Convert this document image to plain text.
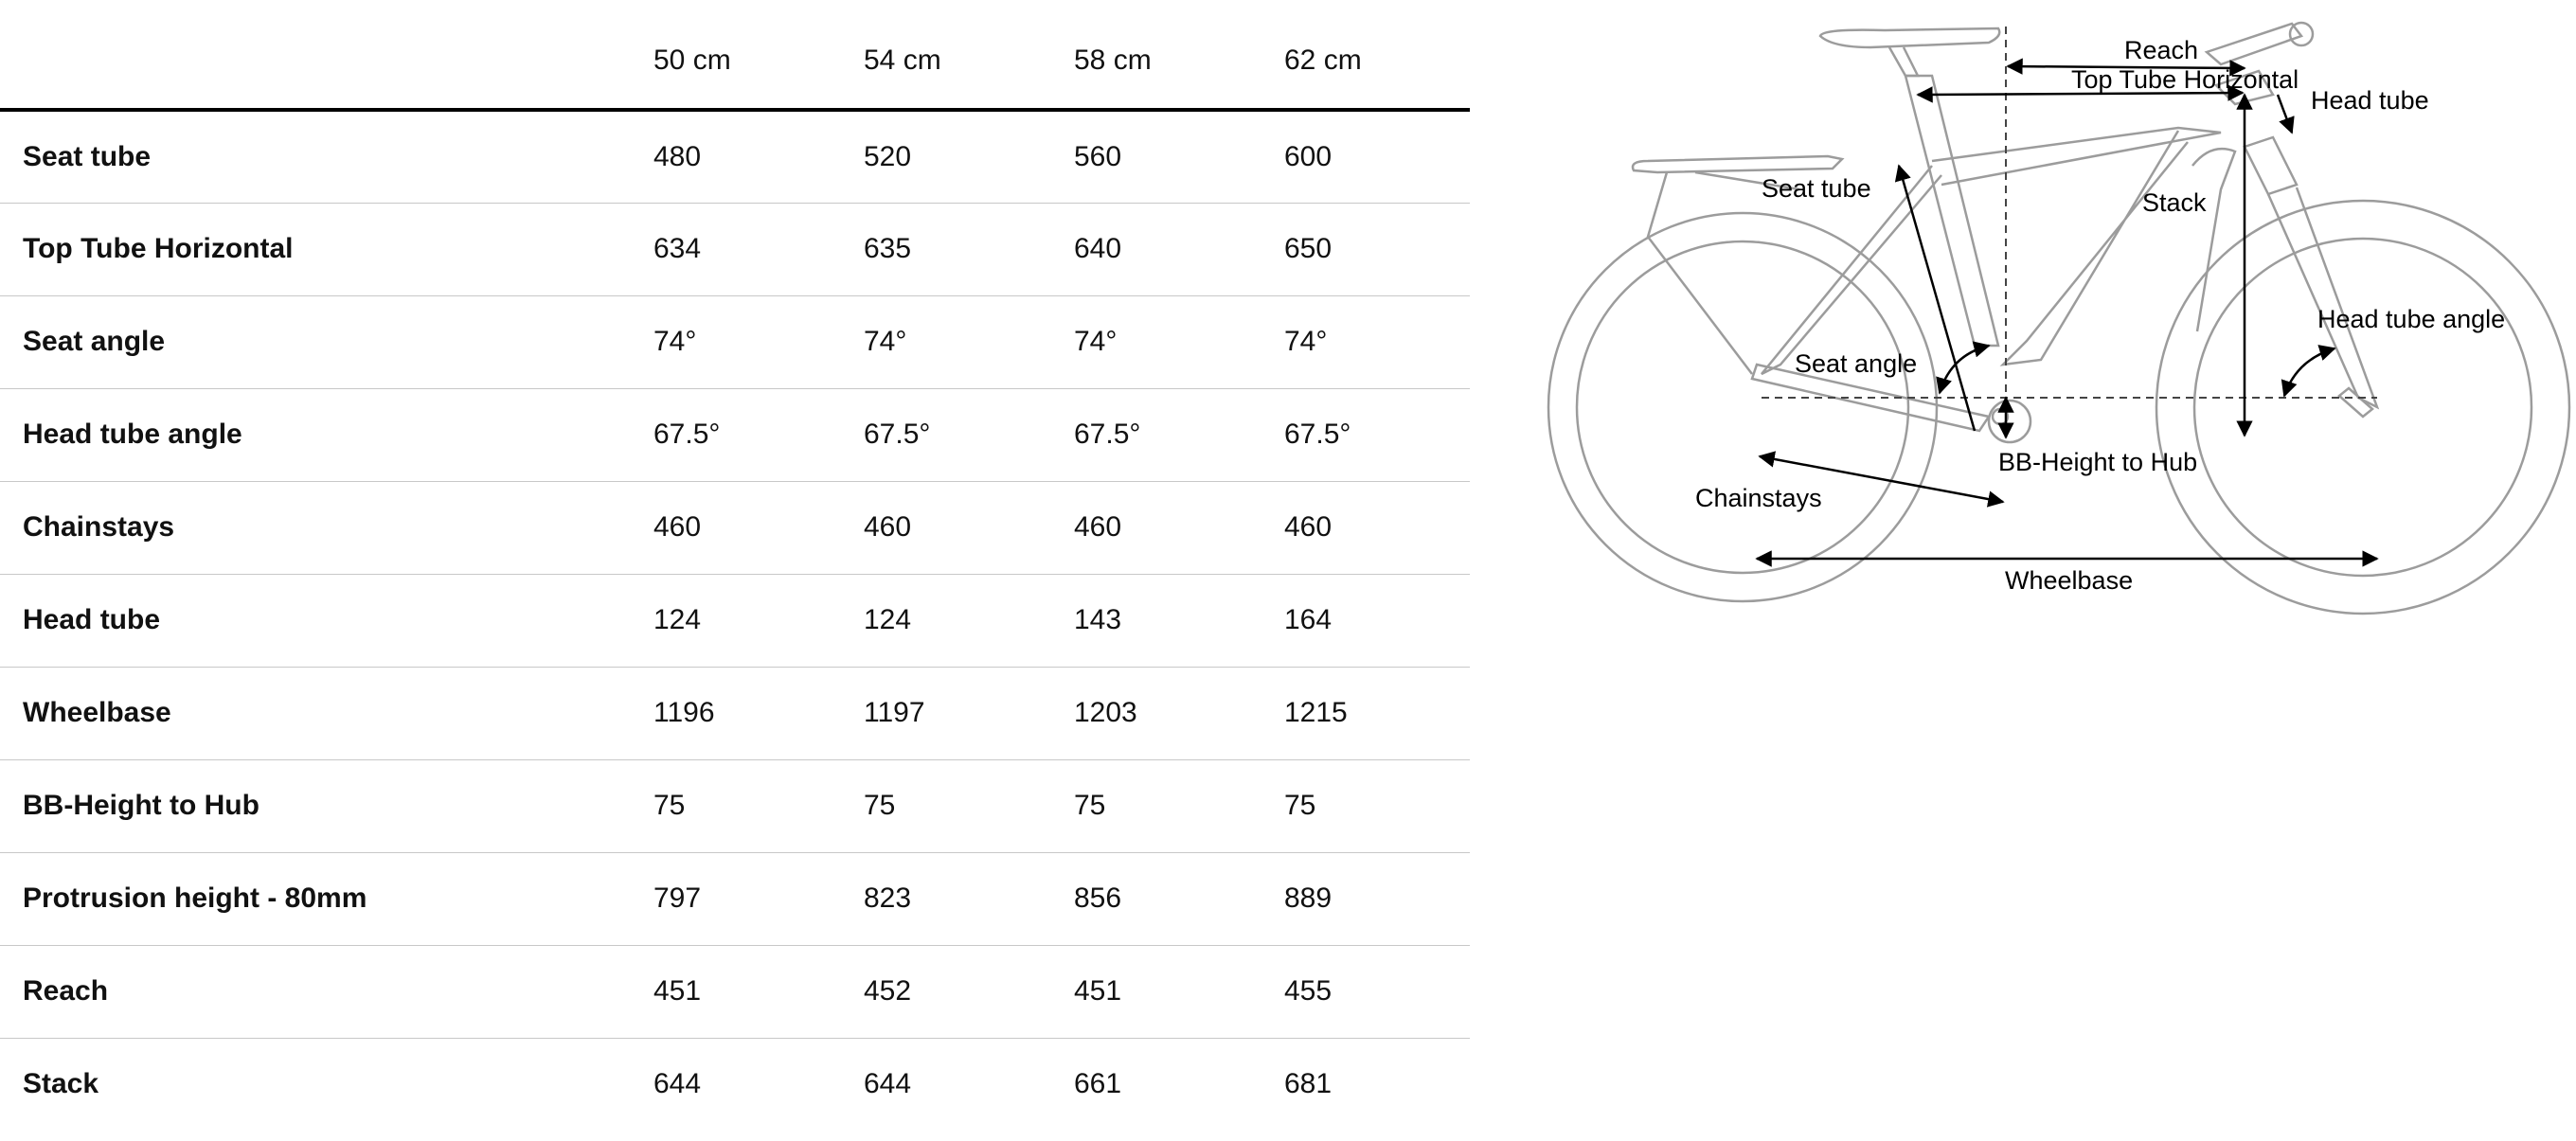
	50 cm	54 cm	58 cm	62 cm
Seat tube	480	520	560	600
Top Tube Horizontal	634	635	640	650
Seat angle	74°	74°	74°	74°
Head tube angle	67.5°	67.5°	67.5°	67.5°
Chainstays	460	460	460	460
Head tube	124	124	143	164
Wheelbase	1196	1197	1203	1215
BB-Height to Hub	75	75	75	75
Protrusion height - 80mm	797	823	856	889
Reach	451	452	451	455
Stack	644	644	661	681
Reach
Top Tube Horizontal
Head tube
Seat tube	Stack
Head tube angle
Seat angle
BB-Height to Hub
Chainstays
Wheelbase
